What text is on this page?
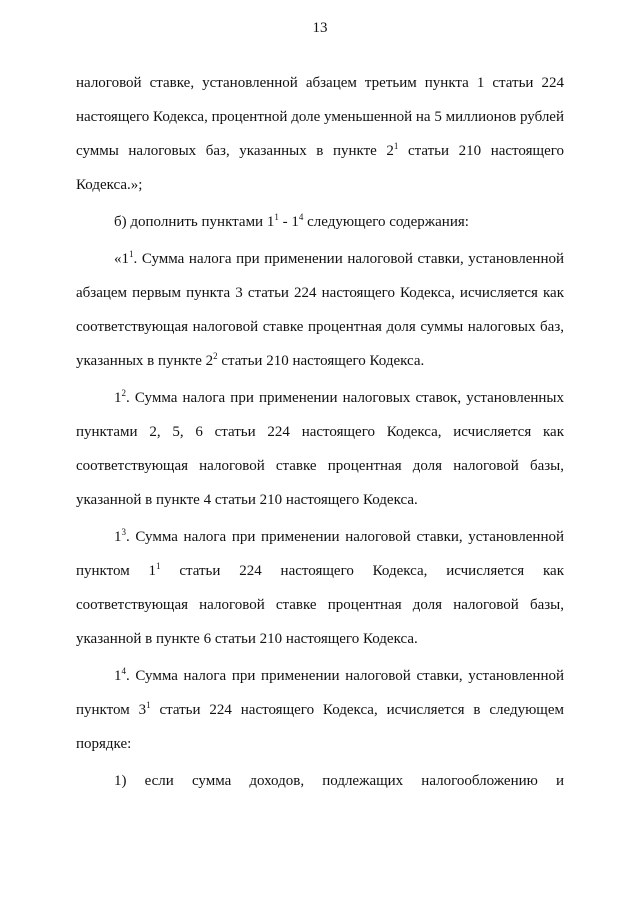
13

налоговой ставке, установленной абзацем третьим пункта 1 статьи 224 настоящего Кодекса, процентной доле уменьшенной на 5 миллионов рублей суммы налоговых баз, указанных в пункте $2^1$ статьи 210 настоящего Кодекса.»;

б) дополнить пунктами $1^1 - 1^4$ следующего содержания:

«$1^1$. Сумма налога при применении налоговой ставки, установленной абзацем первым пункта 3 статьи 224 настоящего Кодекса, исчисляется как соответствующая налоговой ставке процентная доля суммы налоговых баз, указанных в пункте $2^2$ статьи 210 настоящего Кодекса.

$1^2$. Сумма налога при применении налоговых ставок, установленных пунктами 2, 5, 6 статьи 224 настоящего Кодекса, исчисляется как соответствующая налоговой ставке процентная доля налоговой базы, указанной в пункте 4 статьи 210 настоящего Кодекса.

$1^3$. Сумма налога при применении налоговой ставки, установленной пунктом $1^1$ статьи 224 настоящего Кодекса, исчисляется как соответствующая налоговой ставке процентная доля налоговой базы, указанной в пункте 6 статьи 210 настоящего Кодекса.

$1^4$. Сумма налога при применении налоговой ставки, установленной пунктом $3^1$ статьи 224 настоящего Кодекса, исчисляется в следующем порядке:

1) если сумма доходов, подлежащих налогообложению и
